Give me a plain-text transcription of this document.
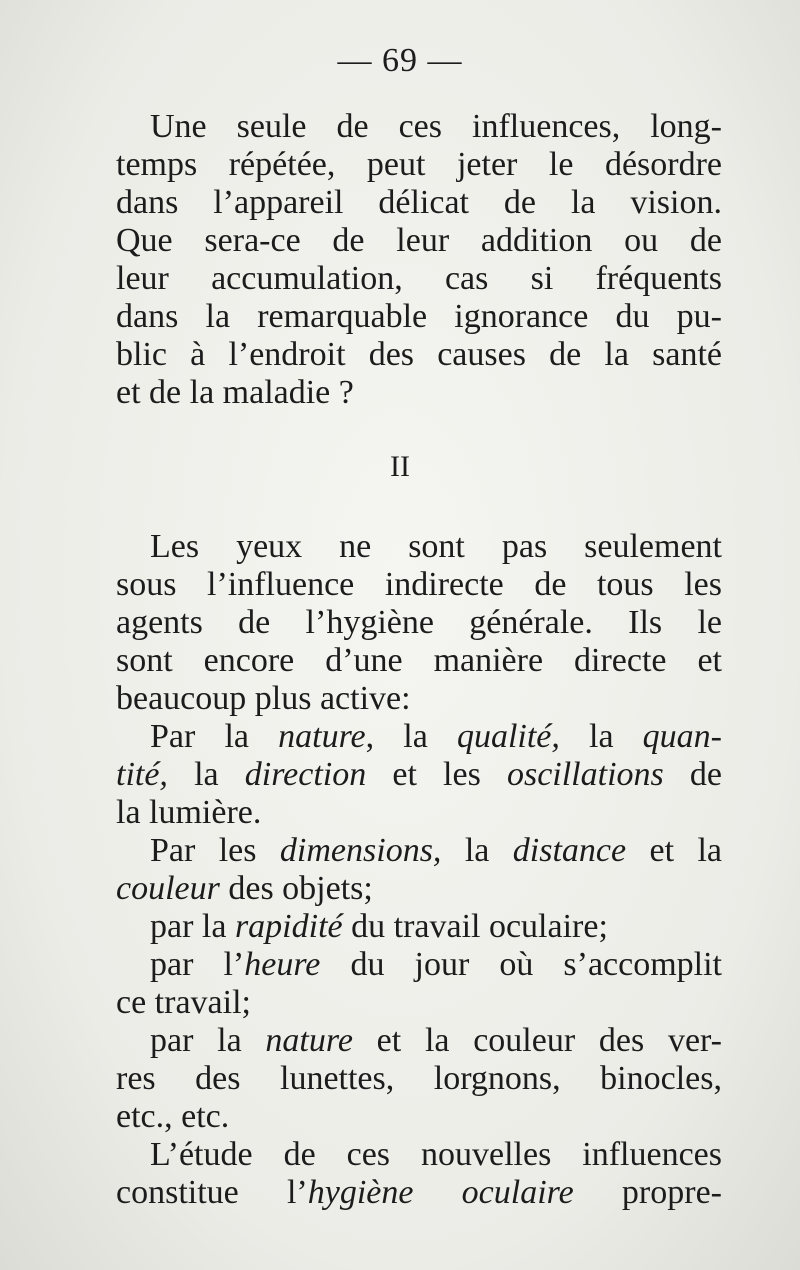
— 69 —
Une seule de ces influences, long-
temps répétée, peut jeter le désordre
dans l’appareil délicat de la vision.
Que sera-ce de leur addition ou de
leur accumulation, cas si fréquents
dans la remarquable ignorance du pu-
blic à l’endroit des causes de la santé
et de la maladie ?
II
Les yeux ne sont pas seulement
sous l’influence indirecte de tous les
agents de l’hygiène générale. Ils le
sont encore d’une manière directe et
beaucoup plus active:
Par la nature, la qualité, la quan-
tité, la direction et les oscillations de
la lumière.
Par les dimensions, la distance et la
couleur des objets;
par la rapidité du travail oculaire;
par l’heure du jour où s’accomplit
ce travail;
par la nature et la couleur des ver-
res des lunettes, lorgnons, binocles,
etc., etc.
L’étude de ces nouvelles influences
constitue l’hygiène oculaire propre-
